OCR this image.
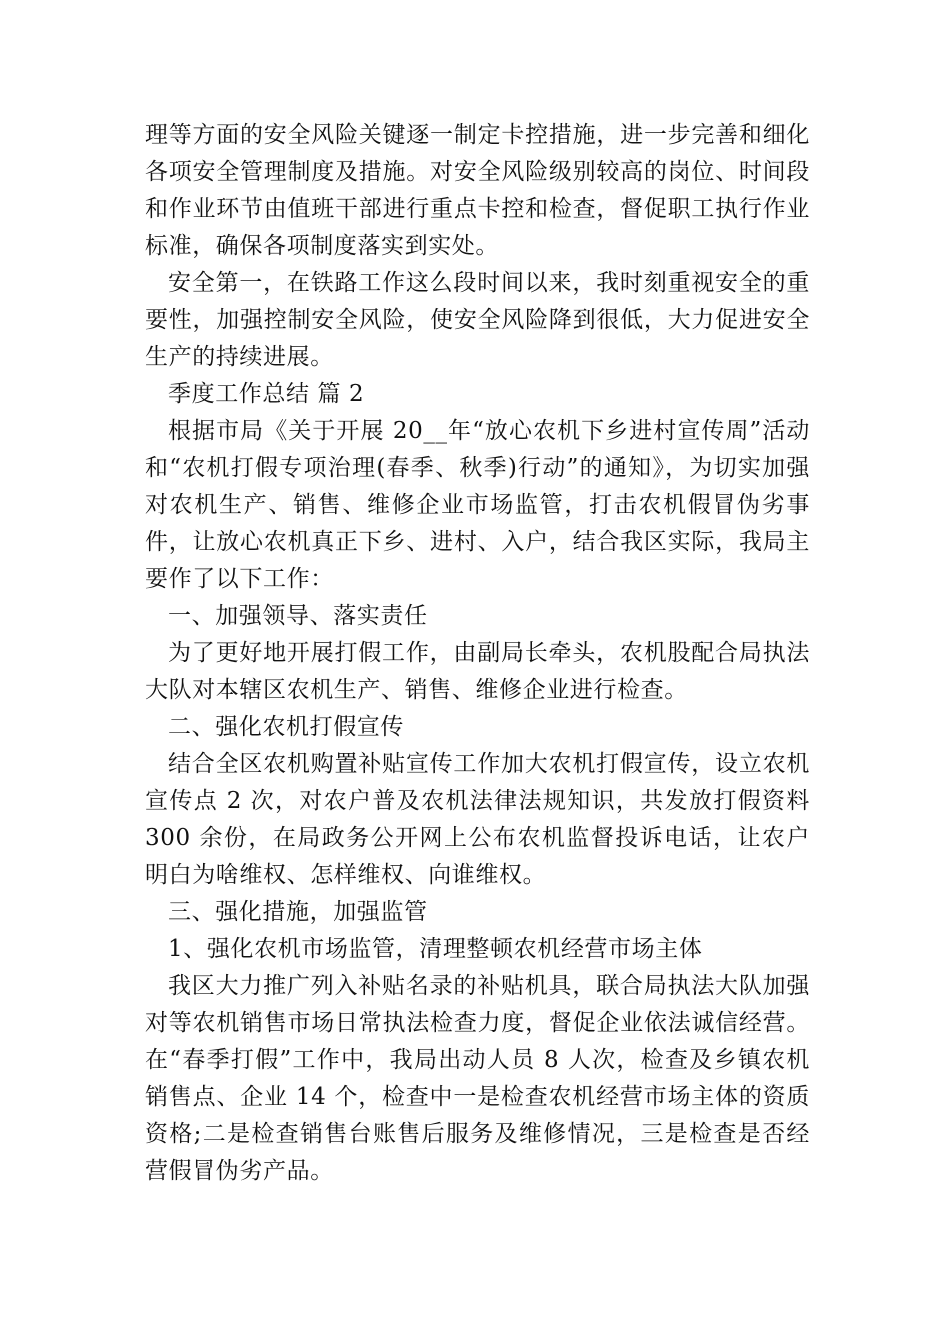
理等方面的安全风险关键逐一制定卡控措施，进一步完善和细化各项安全管理制度及措施。对安全风险级别较高的岗位、时间段和作业环节由值班干部进行重点卡控和检查，督促职工执行作业标准，确保各项制度落实到实处。

安全第一，在铁路工作这么段时间以来，我时刻重视安全的重要性，加强控制安全风险，使安全风险降到很低，大力促进安全生产的持续进展。

季度工作总结 篇 2

根据市局《关于开展 20__年“放心农机下乡进村宣传周”活动和“农机打假专项治理(春季、秋季)行动”的通知》，为切实加强对农机生产、销售、维修企业市场监管，打击农机假冒伪劣事件，让放心农机真正下乡、进村、入户，结合我区实际，我局主要作了以下工作：

一、加强领导、落实责任

为了更好地开展打假工作，由副局长牵头，农机股配合局执法大队对本辖区农机生产、销售、维修企业进行检查。

二、强化农机打假宣传

结合全区农机购置补贴宣传工作加大农机打假宣传，设立农机宣传点 2 次，对农户普及农机法律法规知识，共发放打假资料 300 余份，在局政务公开网上公布农机监督投诉电话，让农户明白为啥维权、怎样维权、向谁维权。

三、强化措施，加强监管

1、强化农机市场监管，清理整顿农机经营市场主体

我区大力推广列入补贴名录的补贴机具，联合局执法大队加强对等农机销售市场日常执法检查力度，督促企业依法诚信经营。在“春季打假”工作中，我局出动人员 8 人次，检查及乡镇农机销售点、企业 14 个，检查中一是检查农机经营市场主体的资质资格;二是检查销售台账售后服务及维修情况，三是检查是否经营假冒伪劣产品。
